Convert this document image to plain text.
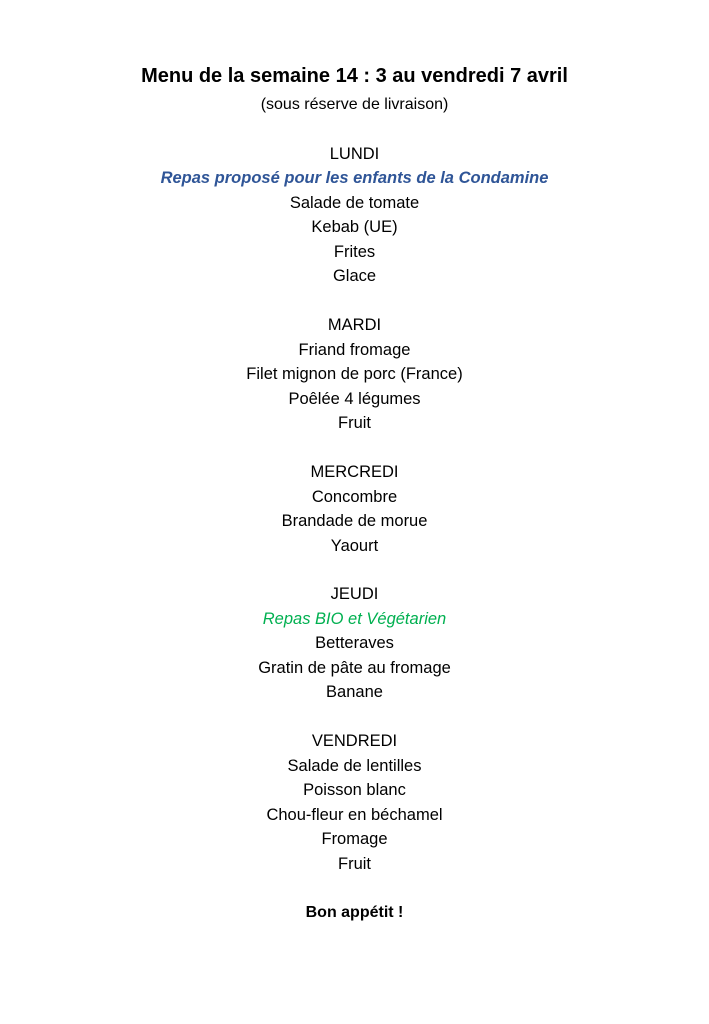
Menu de la semaine 14 : 3 au vendredi 7 avril
(sous réserve de livraison)
LUNDI
Repas proposé pour les enfants de la Condamine
Salade de tomate
Kebab (UE)
Frites
Glace
MARDI
Friand fromage
Filet mignon de porc (France)
Poêlée 4 légumes
Fruit
MERCREDI
Concombre
Brandade de morue
Yaourt
JEUDI
Repas BIO et Végétarien
Betteraves
Gratin de pâte au fromage
Banane
VENDREDI
Salade de lentilles
Poisson blanc
Chou-fleur en béchamel
Fromage
Fruit
Bon appétit !
